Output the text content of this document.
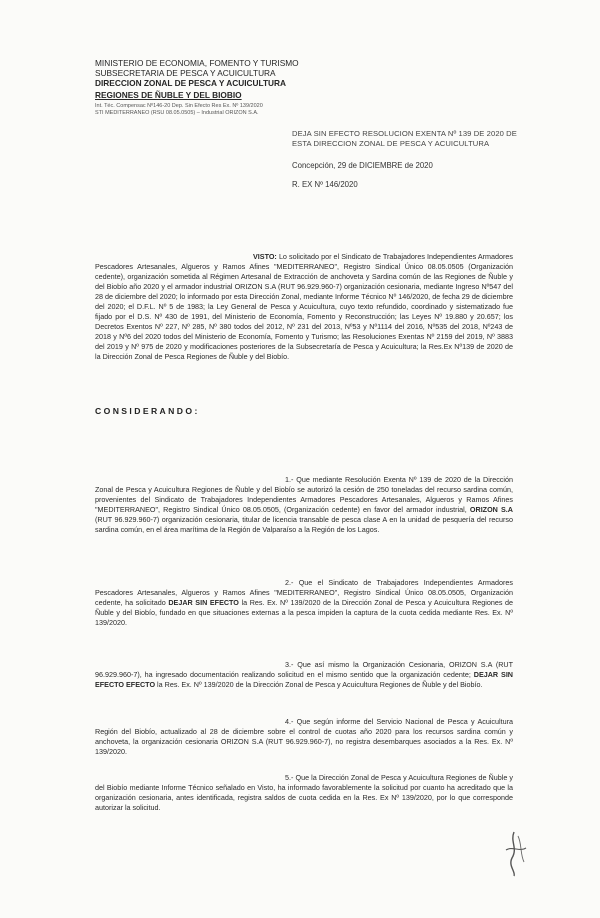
MINISTERIO DE ECONOMIA, FOMENTO Y TURISMO
SUBSECRETARIA DE PESCA Y ACUICULTURA
DIRECCION ZONAL DE PESCA Y ACUICULTURA
REGIONES DE ÑUBLE Y DEL BIOBIO
Int. Téc. Compensac Nº146-20 Dep. Sin Efecto Res Ex. Nº 139/2020
STI MEDITERRANEO (RSU 08.05.0505) – Industrial ORIZON S.A.
DEJA SIN EFECTO RESOLUCION EXENTA Nº 139 DE 2020 DE ESTA DIRECCION ZONAL DE PESCA Y ACUICULTURA
Concepción, 29 de DICIEMBRE de 2020
R. EX Nº 146/2020
VISTO: Lo solicitado por el Sindicato de Trabajadores Independientes Armadores Pescadores Artesanales, Algueros y Ramos Afines "MEDITERRANEO", Registro Sindical Único 08.05.0505 (Organización cedente), organización sometida al Régimen Artesanal de Extracción de anchoveta y Sardina común de las Regiones de Ñuble y del Biobío año 2020 y el armador industrial ORIZON S.A (RUT 96.929.960-7) organización cesionaria, mediante Ingreso Nº547 del 28 de diciembre del 2020; lo informado por esta Dirección Zonal, mediante Informe Técnico Nº 146/2020, de fecha 29 de diciembre del 2020; el D.F.L. Nº 5 de 1983; la Ley General de Pesca y Acuicultura, cuyo texto refundido, coordinado y sistematizado fue fijado por el D.S. Nº 430 de 1991, del Ministerio de Economía, Fomento y Reconstrucción; las Leyes Nº 19.880 y 20.657; los Decretos Exentos Nº 227, Nº 285, Nº 380 todos del 2012, Nº 231 del 2013, Nº53 y Nº1114 del 2016, Nº535 del 2018, Nº243 de 2018 y Nº6 del 2020 todos del Ministerio de Economía, Fomento y Turismo; las Resoluciones Exentas Nº 2159 del 2019, Nº 3883 del 2019 y Nº 975 de 2020 y modificaciones posteriores de la Subsecretaría de Pesca y Acuicultura; la Res.Ex Nº139 de 2020 de la Dirección Zonal de Pesca Regiones de Ñuble y del Biobío.
CONSIDERANDO:
1.- Que mediante Resolución Exenta Nº 139 de 2020 de la Dirección Zonal de Pesca y Acuicultura Regiones de Ñuble y del Biobío se autorizó la cesión de 250 toneladas del recurso sardina común, provenientes del Sindicato de Trabajadores Independientes Armadores Pescadores Artesanales, Algueros y Ramos Afines "MEDITERRANEO", Registro Sindical Único 08.05.0505, (Organización cedente) en favor del armador industrial, ORIZON S.A (RUT 96.929.960-7) organización cesionaria, titular de licencia transable de pesca clase A en la unidad de pesquería del recurso sardina común, en el área marítima de la Región de Valparaíso a la Región de los Lagos.
2.- Que el Sindicato de Trabajadores Independientes Armadores Pescadores Artesanales, Algueros y Ramos Afines "MEDITERRANEO", Registro Sindical Único 08.05.0505, Organización cedente, ha solicitado DEJAR SIN EFECTO la Res. Ex. Nº 139/2020 de la Dirección Zonal de Pesca y Acuicultura Regiones de Ñuble y del Biobío, fundado en que situaciones externas a la pesca impiden la captura de la cuota cedida mediante Res. Ex. Nº 139/2020.
3.- Que así mismo la Organización Cesionaria, ORIZON S.A (RUT 96.929.960-7), ha ingresado documentación realizando solicitud en el mismo sentido que la organización cedente; DEJAR SIN EFECTO EFECTO la Res. Ex. Nº 139/2020 de la Dirección Zonal de Pesca y Acuicultura Regiones de Ñuble y del Biobío.
4.- Que según informe del Servicio Nacional de Pesca y Acuicultura Región del Biobío, actualizado al 28 de diciembre sobre el control de cuotas año 2020 para los recursos sardina común y anchoveta, la organización cesionaria ORIZON S.A (RUT 96.929.960-7), no registra desembarques asociados a la Res. Ex. Nº 139/2020.
5.- Que la Dirección Zonal de Pesca y Acuicultura Regiones de Ñuble y del Biobío mediante Informe Técnico señalado en Visto, ha informado favorablemente la solicitud por cuanto ha acreditado que la organización cesionaria, antes identificada, registra saldos de cuota cedida en la Res. Ex Nº 139/2020, por lo que corresponde autorizar la solicitud.
